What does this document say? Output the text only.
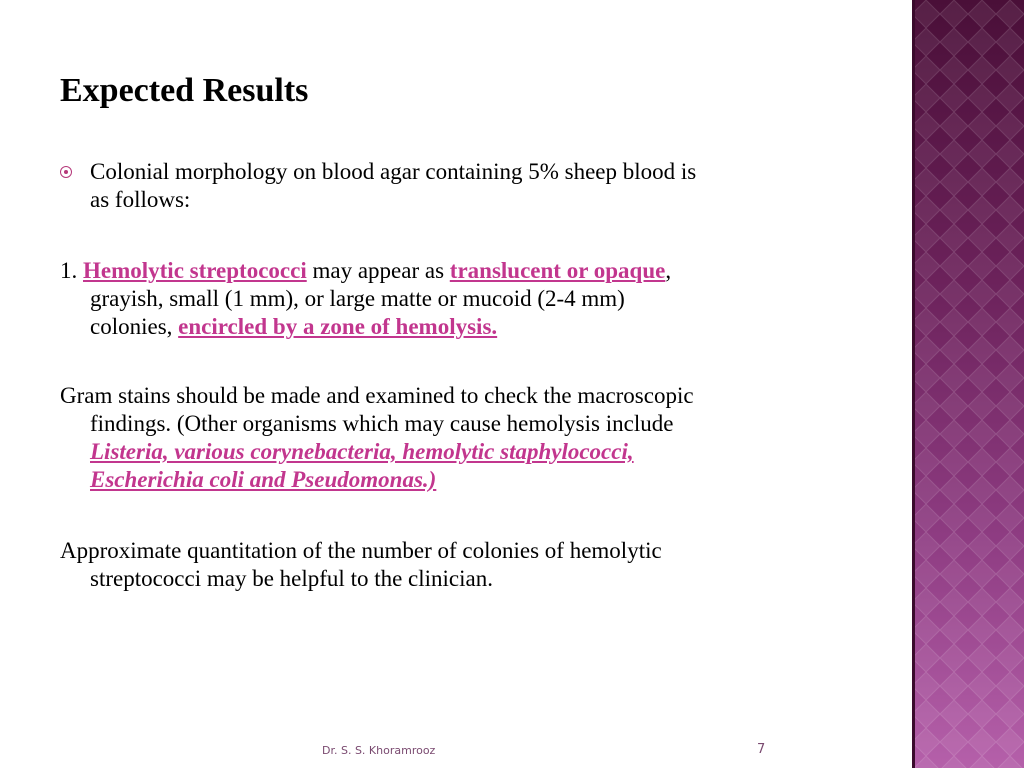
Expected Results
Colonial morphology on blood agar containing 5% sheep blood is
as follows:

1. Hemolytic streptococci may appear as translucent or opaque,
grayish, small (1 mm), or large matte or mucoid (2-4 mm)
colonies, encircled by a zone of hemolysis.

Gram stains should be made and examined to check the macroscopic
findings. (Other organisms which may cause hemolysis include
Listeria, various corynebacteria, hemolytic staphylococci,
Escherichia coli and Pseudomonas.)

Approximate quantitation of the number of colonies of hemolytic
streptococci may be helpful to the clinician.

Dr. S. S. Khoramrooz	7
